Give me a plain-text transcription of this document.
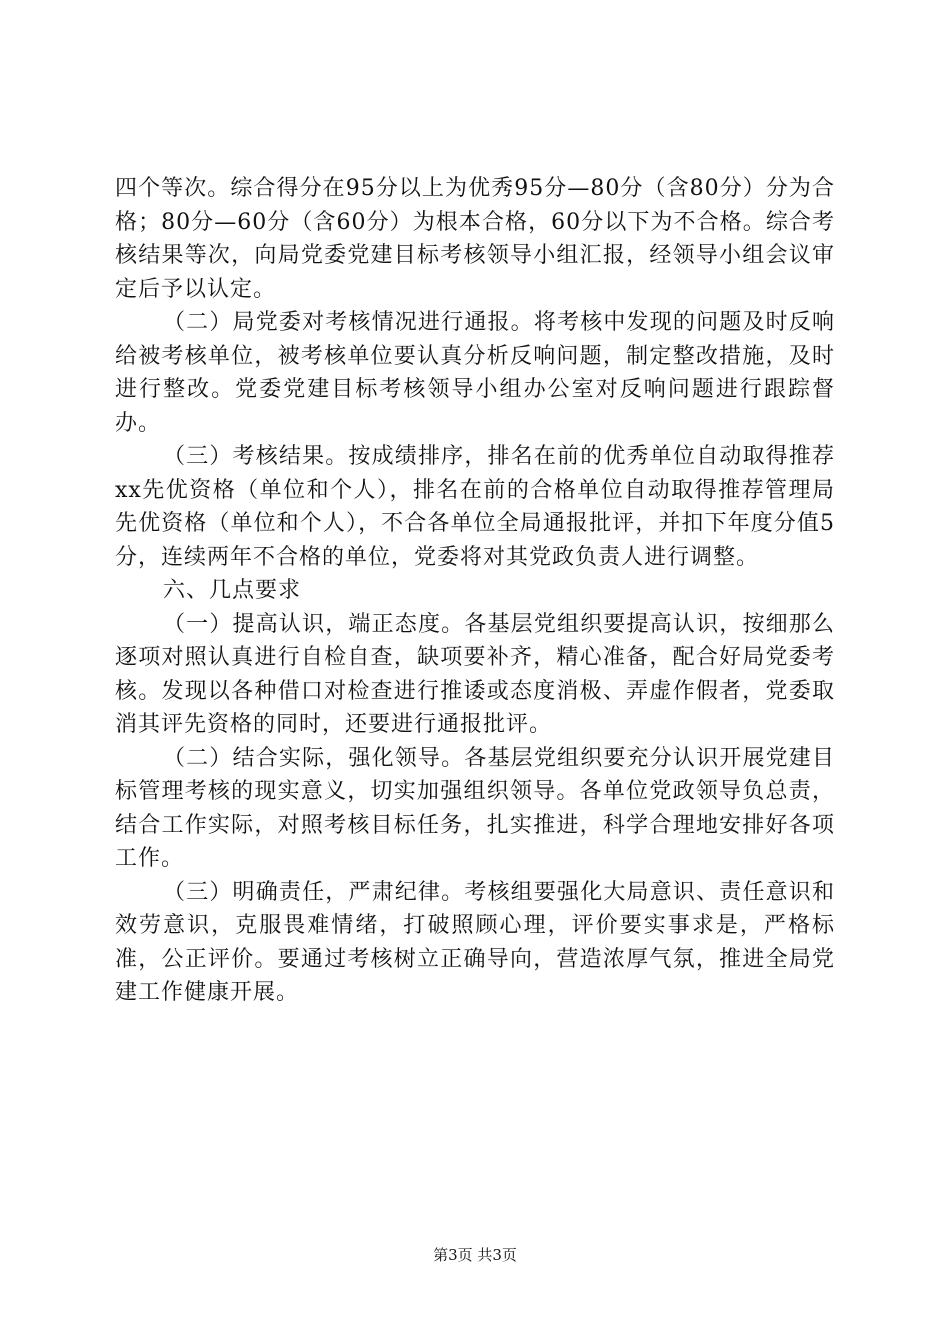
四个等次。综合得分在95分以上为优秀95分—80分（含80分）分为合格；80分—60分（含60分）为根本合格，60分以下为不合格。综合考核结果等次，向局党委党建目标考核领导小组汇报，经领导小组会议审定后予以认定。

（二）局党委对考核情况进行通报。将考核中发现的问题及时反响给被考核单位，被考核单位要认真分析反响问题，制定整改措施，及时进行整改。党委党建目标考核领导小组办公室对反响问题进行跟踪督办。

（三）考核结果。按成绩排序，排名在前的优秀单位自动取得推荐xx先优资格（单位和个人），排名在前的合格单位自动取得推荐管理局先优资格（单位和个人），不合各单位全局通报批评，并扣下年度分值5分，连续两年不合格的单位，党委将对其党政负责人进行调整。

六、几点要求

（一）提高认识，端正态度。各基层党组织要提高认识，按细那么逐项对照认真进行自检自查，缺项要补齐，精心准备，配合好局党委考核。发现以各种借口对检查进行推诿或态度消极、弄虚作假者，党委取消其评先资格的同时，还要进行通报批评。

（二）结合实际，强化领导。各基层党组织要充分认识开展党建目标管理考核的现实意义，切实加强组织领导。各单位党政领导负总责，结合工作实际，对照考核目标任务，扎实推进，科学合理地安排好各项工作。

（三）明确责任，严肃纪律。考核组要强化大局意识、责任意识和效劳意识，克服畏难情绪，打破照顾心理，评价要实事求是，严格标准，公正评价。要通过考核树立正确导向，营造浓厚气氛，推进全局党建工作健康开展。

第3页 共3页
